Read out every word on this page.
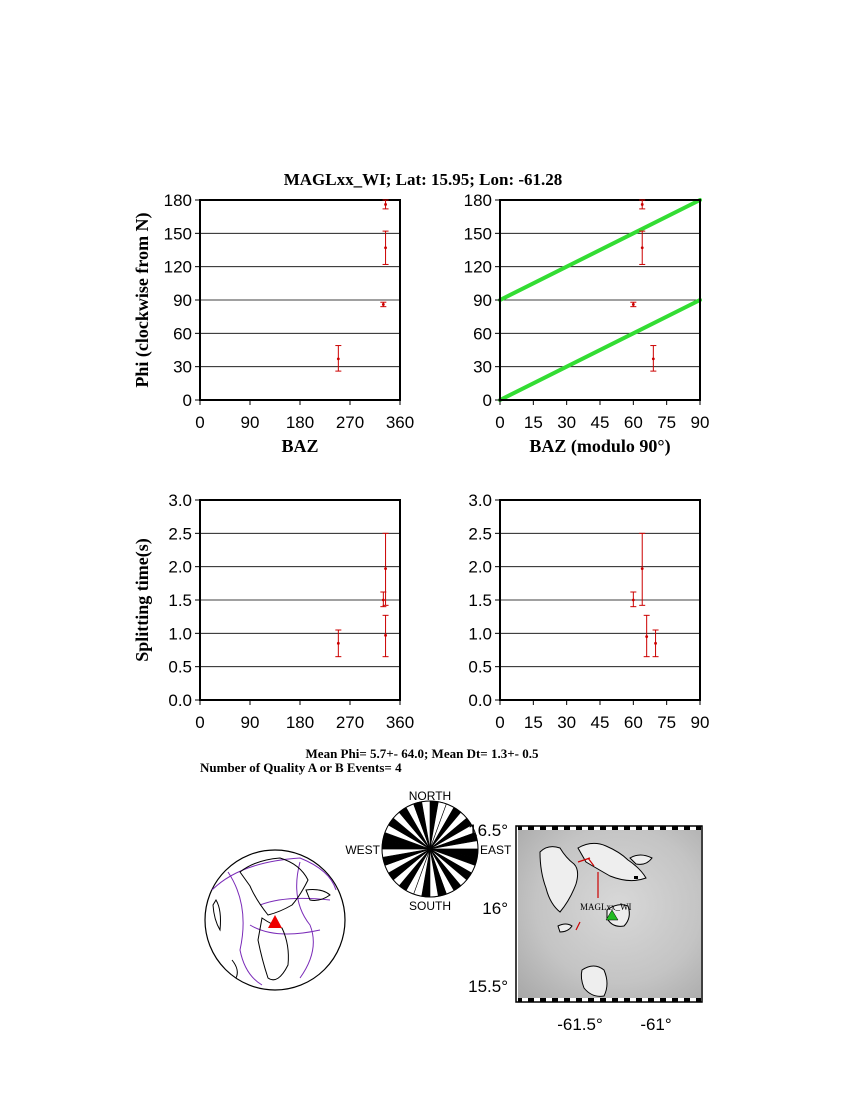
MAGLxx_WI; Lat: 15.95; Lon: -61.28
0 90 180 270 360
0
30
60
90
120
150
180
BAZ
Phi (clockwise from N)
0 15 30 45 60 75 90
0
30
60
90
120
150
180
BAZ (modulo 90°)
0 90 180 270 360
0.0
0.5
1.0
1.5
2.0
2.5
3.0
Splitting time(s)
0 15 30 45 60 75 90
0.0
0.5
1.0
1.5
2.0
2.5
3.0
Mean Phi= 5.7+- 64.0; Mean Dt= 1.3+- 0.5
Number of Quality A or B Events= 4
NORTH
SOUTH
EAST
WEST
MAGLxx_WI
16.5°
16°
15.5°
-61.5° -61°
